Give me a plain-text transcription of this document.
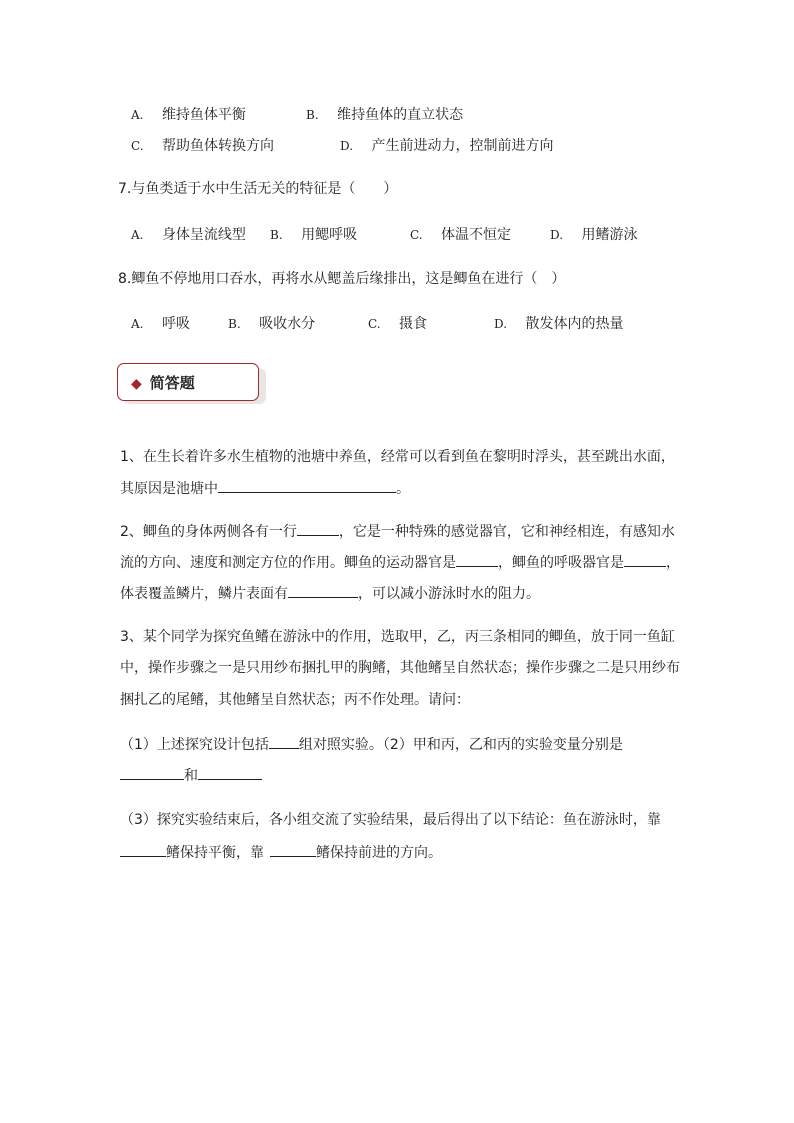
A. 维持鱼体平衡	B. 维持鱼体的直立状态
C. 帮助鱼体转换方向	D. 产生前进动力，控制前进方向
7.与鱼类适于水中生活无关的特征是（　　）
A. 身体呈流线型 B. 用鳃呼吸	C. 体温不恒定	D. 用鳍游泳
8.鲫鱼不停地用口吞水，再将水从鳃盖后缘排出，这是鲫鱼在进行（　）
A. 呼吸	B. 吸收水分	C. 摄食	D. 散发体内的热量
◆ 简答题
1、在生长着许多水生植物的池塘中养鱼，经常可以看到鱼在黎明时浮头，甚至跳出水面，
其原因是池塘中	。
2、鲫鱼的身体两侧各有一行	，它是一种特殊的感觉器官，它和神经相连，有感知水
流的方向、速度和测定方位的作用。鲫鱼的运动器官是	，鲫鱼的呼吸器官是	，
体表覆盖鳞片，鳞片表面有	，可以减小游泳时水的阻力。
3、某个同学为探究鱼鳍在游泳中的作用，选取甲，乙，丙三条相同的鲫鱼，放于同一鱼缸
中，操作步骤之一是只用纱布捆扎甲的胸鳍，其他鳍呈自然状态；操作步骤之二是只用纱布
捆扎乙的尾鳍，其他鳍呈自然状态；丙不作处理。请问：
（1）上述探究设计包括 组对照实验。（2）甲和丙，乙和丙的实验变量分别是
和
（3）探究实验结束后，各小组交流了实验结果，最后得出了以下结论：鱼在游泳时，靠
鳍保持平衡，靠	鳍保持前进的方向。
